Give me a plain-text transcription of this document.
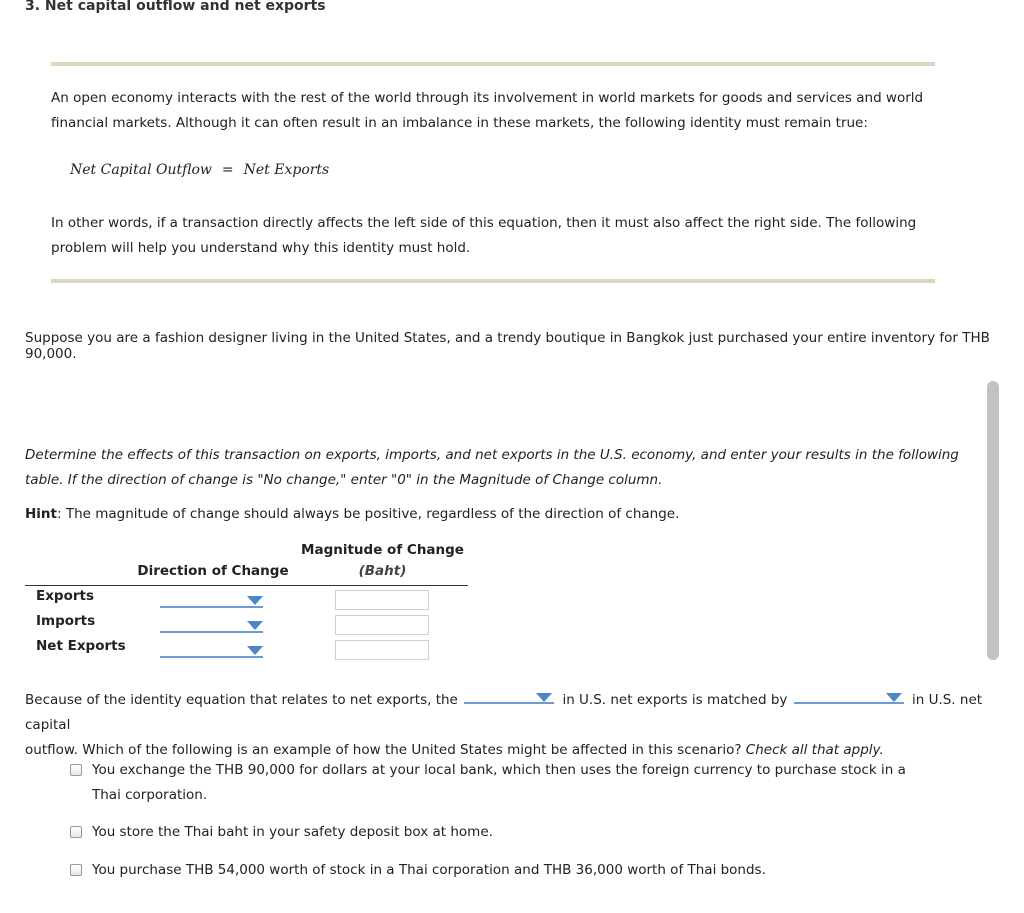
3. Net capital outflow and net exports
An open economy interacts with the rest of the world through its involvement in world markets for goods and services and world financial markets. Although it can often result in an imbalance in these markets, the following identity must remain true:
Net Capital Outflow = Net Exports
In other words, if a transaction directly affects the left side of this equation, then it must also affect the right side. The following problem will help you understand why this identity must hold.
Suppose you are a fashion designer living in the United States, and a trendy boutique in Bangkok just purchased your entire inventory for THB 90,000.
Determine the effects of this transaction on exports, imports, and net exports in the U.S. economy, and enter your results in the following table. If the direction of change is "No change," enter "0" in the Magnitude of Change column.
Hint: The magnitude of change should always be positive, regardless of the direction of change.
Magnitude of Change
(Baht)
Direction of Change
Exports
Imports
Net Exports
Because of the identity equation that relates to net exports, the	in U.S. net exports is matched by	in U.S. net capital
outflow. Which of the following is an example of how the United States might be affected in this scenario? Check all that apply.
You exchange the THB 90,000 for dollars at your local bank, which then uses the foreign currency to purchase stock in a Thai corporation.
You store the Thai baht in your safety deposit box at home.
You purchase THB 54,000 worth of stock in a Thai corporation and THB 36,000 worth of Thai bonds.
